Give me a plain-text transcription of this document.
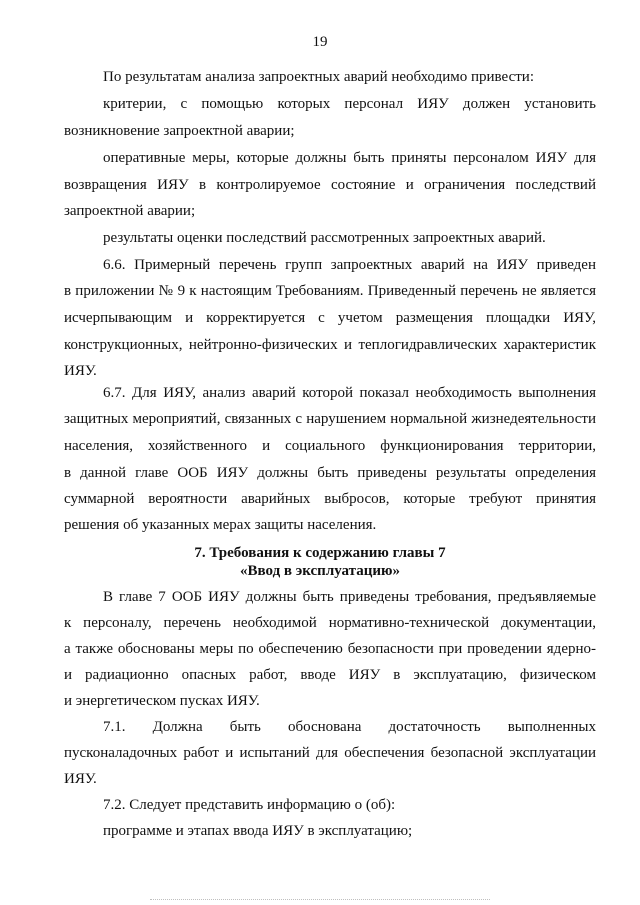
19
По результатам анализа запроектных аварий необходимо привести:
критерии, с помощью которых персонал ИЯУ должен установить
возникновение запроектной аварии;
оперативные меры, которые должны быть приняты персоналом ИЯУ для
возвращения ИЯУ в контролируемое состояние и ограничения последствий
запроектной аварии;
результаты оценки последствий рассмотренных запроектных аварий.
6.6. Примерный перечень групп запроектных аварий на ИЯУ приведен
в приложении № 9 к настоящим Требованиям. Приведенный перечень не является
исчерпывающим и корректируется с учетом размещения площадки ИЯУ,
конструкционных, нейтронно-физических и теплогидравлических характеристик
ИЯУ.
6.7. Для ИЯУ, анализ аварий которой показал необходимость выполнения
защитных мероприятий, связанных с нарушением нормальной жизнедеятельности
населения, хозяйственного и социального функционирования территории,
в данной главе ООБ ИЯУ должны быть приведены результаты определения
суммарной вероятности аварийных выбросов, которые требуют принятия
решения об указанных мерах защиты населения.
7. Требования к содержанию главы 7
«Ввод в эксплуатацию»
В главе 7 ООБ ИЯУ должны быть приведены требования, предъявляемые
к персоналу, перечень необходимой нормативно-технической документации,
а также обоснованы меры по обеспечению безопасности при проведении ядерно-
и радиационно опасных работ, вводе ИЯУ в эксплуатацию, физическом
и энергетическом пусках ИЯУ.
7.1. Должна быть обоснована достаточность выполненных
пусконаладочных работ и испытаний для обеспечения безопасной эксплуатации
ИЯУ.
7.2. Следует представить информацию о (об):
программе и этапах ввода ИЯУ в эксплуатацию;
